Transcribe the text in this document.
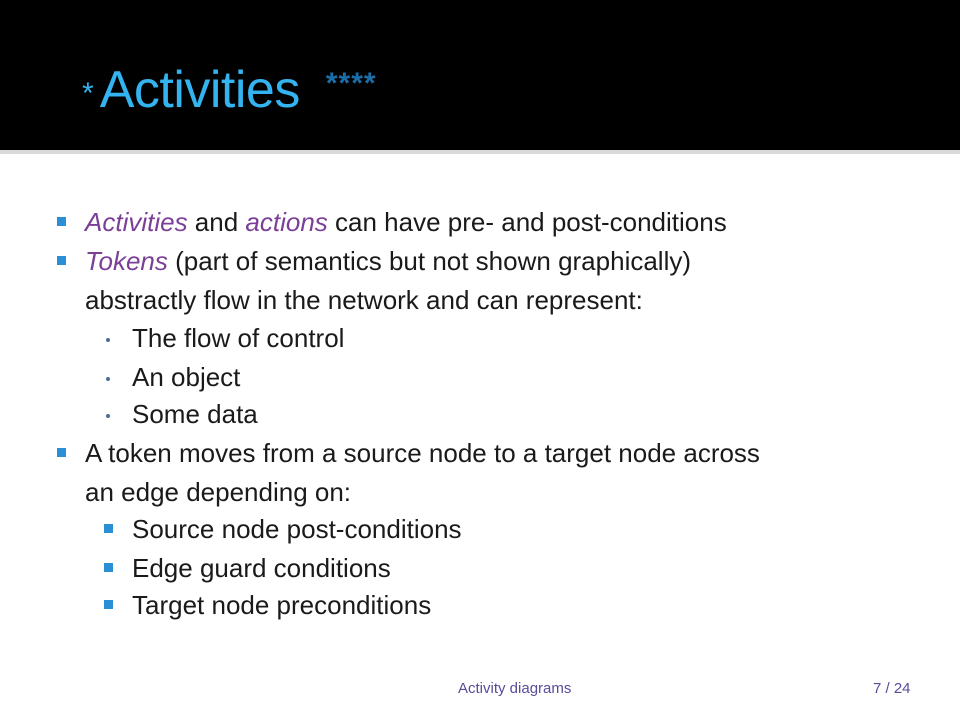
* Activities ****
Activities and actions can have pre- and post-conditions
Tokens (part of semantics but not shown graphically)
abstractly flow in the network and can represent:
The flow of control
An object
Some data
A token moves from a source node to a target node across
an edge depending on:
Source node post-conditions
Edge guard conditions
Target node preconditions
Activity diagrams	7 / 24
